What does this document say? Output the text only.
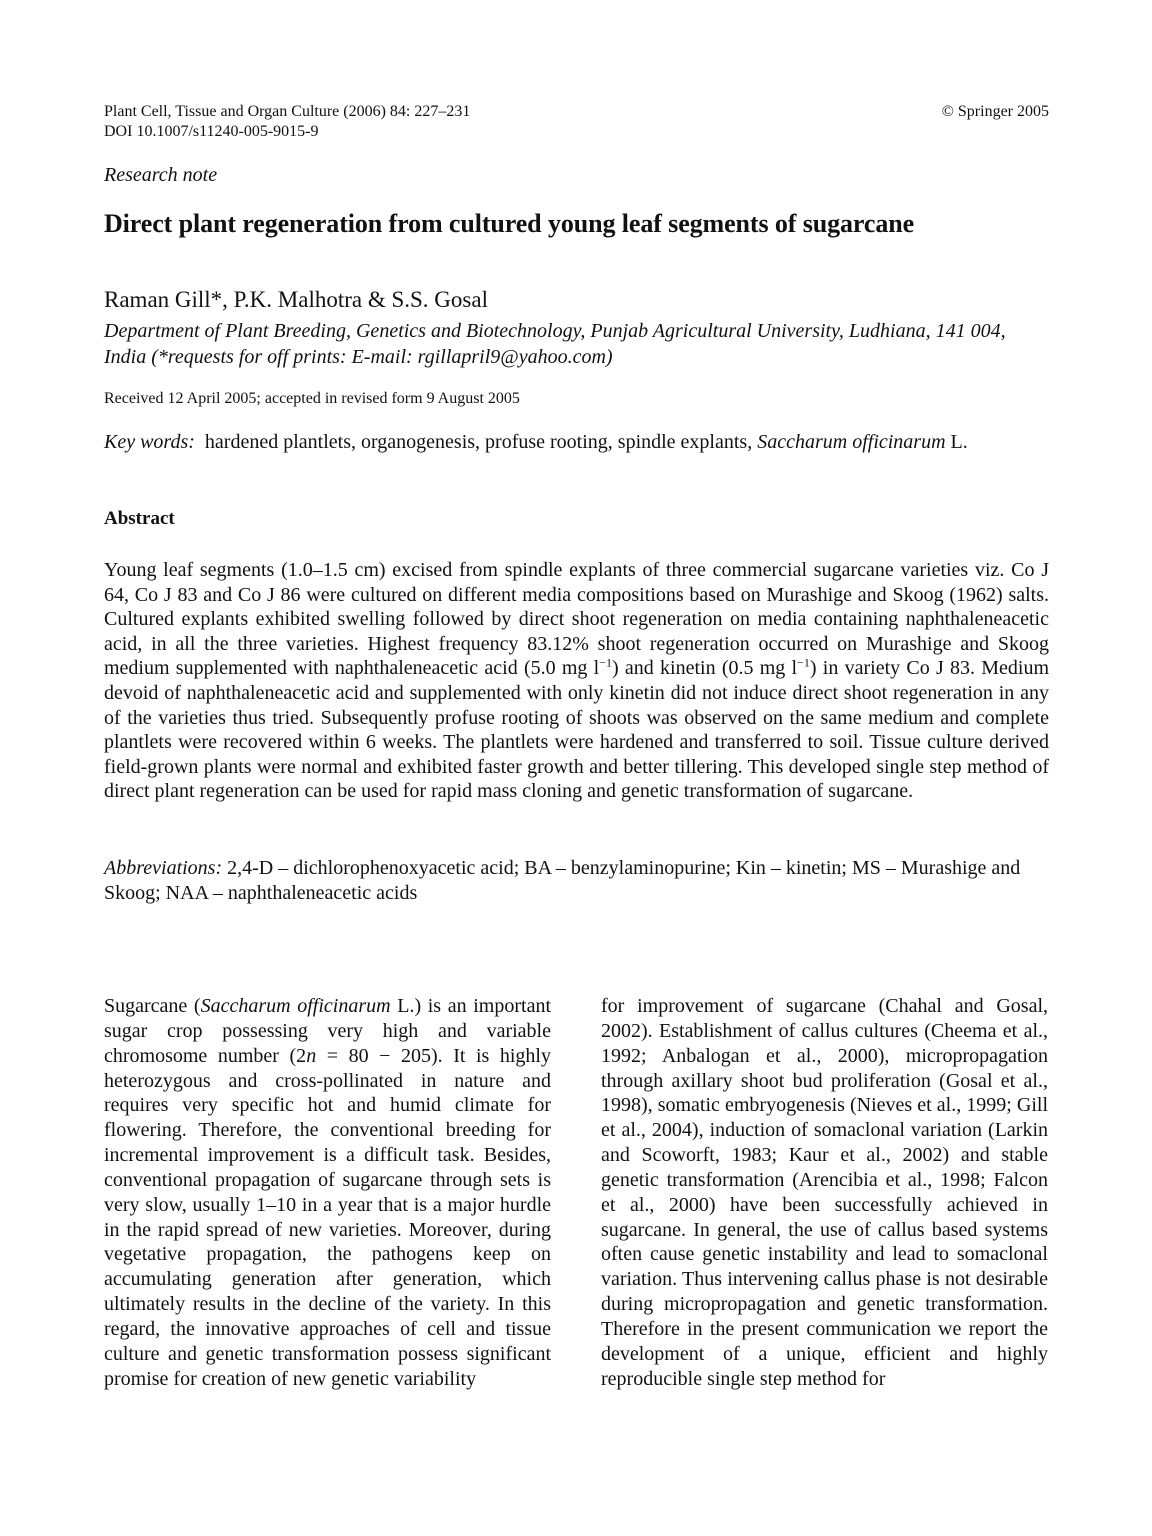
Plant Cell, Tissue and Organ Culture (2006) 84: 227–231
DOI 10.1007/s11240-005-9015-9
© Springer 2005
Research note
Direct plant regeneration from cultured young leaf segments of sugarcane
Raman Gill*, P.K. Malhotra & S.S. Gosal
Department of Plant Breeding, Genetics and Biotechnology, Punjab Agricultural University, Ludhiana, 141 004, India (*requests for off prints: E-mail: rgillapril9@yahoo.com)
Received 12 April 2005; accepted in revised form 9 August 2005
Key words: hardened plantlets, organogenesis, profuse rooting, spindle explants, Saccharum officinarum L.
Abstract
Young leaf segments (1.0–1.5 cm) excised from spindle explants of three commercial sugarcane varieties viz. Co J 64, Co J 83 and Co J 86 were cultured on different media compositions based on Murashige and Skoog (1962) salts. Cultured explants exhibited swelling followed by direct shoot regeneration on media containing naphthaleneacetic acid, in all the three varieties. Highest frequency 83.12% shoot regeneration occurred on Murashige and Skoog medium supplemented with naphthaleneacetic acid (5.0 mg $l^{-1}$) and kinetin (0.5 mg $l^{-1}$) in variety Co J 83. Medium devoid of naphthaleneacetic acid and supplemented with only kinetin did not induce direct shoot regeneration in any of the varieties thus tried. Subsequently profuse rooting of shoots was observed on the same medium and complete plantlets were recovered within 6 weeks. The plantlets were hardened and transferred to soil. Tissue culture derived field-grown plants were normal and exhibited faster growth and better tillering. This developed single step method of direct plant regeneration can be used for rapid mass cloning and genetic transformation of sugarcane.
Abbreviations: 2,4-D – dichlorophenoxyacetic acid; BA – benzylaminopurine; Kin – kinetin; MS – Murashige and Skoog; NAA – naphthaleneacetic acids
Sugarcane (Saccharum officinarum L.) is an important sugar crop possessing very high and variable chromosome number (2n = 80 − 205). It is highly heterozygous and cross-pollinated in nature and requires very specific hot and humid climate for flowering. Therefore, the conventional breeding for incremental improvement is a difficult task. Besides, conventional propagation of sugarcane through sets is very slow, usually 1–10 in a year that is a major hurdle in the rapid spread of new varieties. Moreover, during vegetative propagation, the pathogens keep on accumulating generation after generation, which ultimately results in the decline of the variety. In this regard, the innovative approaches of cell and tissue culture and genetic transformation possess significant promise for creation of new genetic variability
for improvement of sugarcane (Chahal and Gosal, 2002). Establishment of callus cultures (Cheema et al., 1992; Anbalogan et al., 2000), micropropagation through axillary shoot bud proliferation (Gosal et al., 1998), somatic embryogenesis (Nieves et al., 1999; Gill et al., 2004), induction of somaclonal variation (Larkin and Scoworft, 1983; Kaur et al., 2002) and stable genetic transformation (Arencibia et al., 1998; Falcon et al., 2000) have been successfully achieved in sugarcane. In general, the use of callus based systems often cause genetic instability and lead to somaclonal variation. Thus intervening callus phase is not desirable during micropropagation and genetic transformation. Therefore in the present communication we report the development of a unique, efficient and highly reproducible single step method for
